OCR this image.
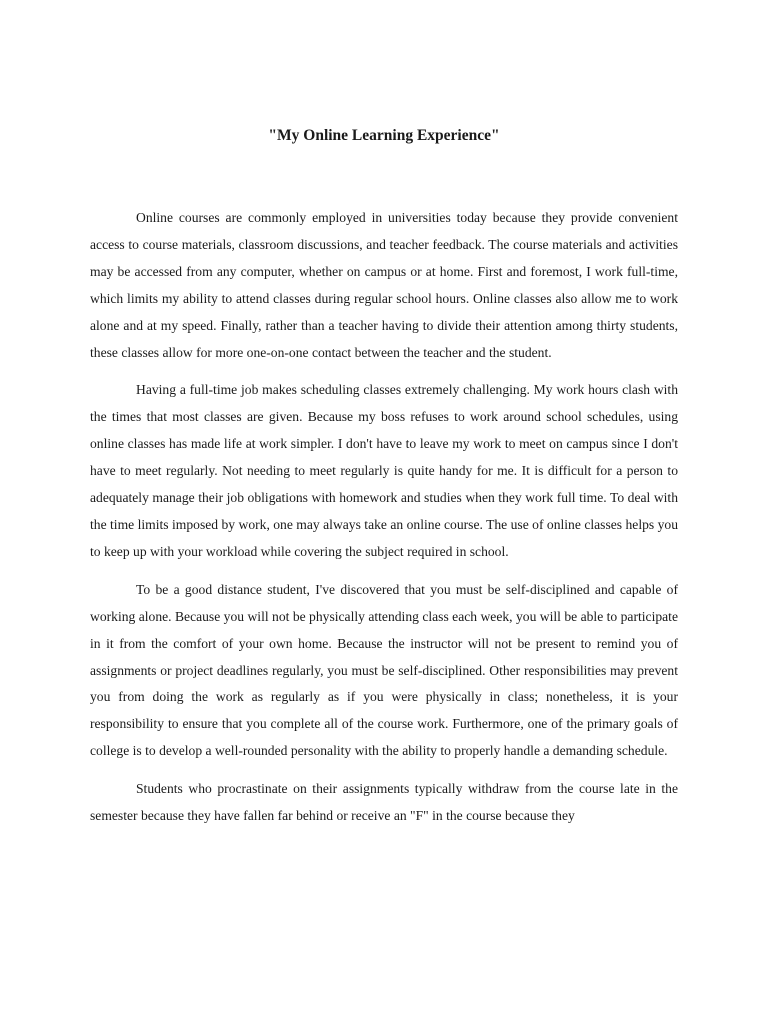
"My Online Learning Experience"

Online courses are commonly employed in universities today because they provide convenient access to course materials, classroom discussions, and teacher feedback. The course materials and activities may be accessed from any computer, whether on campus or at home. First and foremost, I work full-time, which limits my ability to attend classes during regular school hours. Online classes also allow me to work alone and at my speed. Finally, rather than a teacher having to divide their attention among thirty students, these classes allow for more one-on-one contact between the teacher and the student.

Having a full-time job makes scheduling classes extremely challenging. My work hours clash with the times that most classes are given. Because my boss refuses to work around school schedules, using online classes has made life at work simpler. I don't have to leave my work to meet on campus since I don't have to meet regularly. Not needing to meet regularly is quite handy for me. It is difficult for a person to adequately manage their job obligations with homework and studies when they work full time. To deal with the time limits imposed by work, one may always take an online course. The use of online classes helps you to keep up with your workload while covering the subject required in school.

To be a good distance student, I've discovered that you must be self-disciplined and capable of working alone. Because you will not be physically attending class each week, you will be able to participate in it from the comfort of your own home. Because the instructor will not be present to remind you of assignments or project deadlines regularly, you must be self-disciplined. Other responsibilities may prevent you from doing the work as regularly as if you were physically in class; nonetheless, it is your responsibility to ensure that you complete all of the course work. Furthermore, one of the primary goals of college is to develop a well-rounded personality with the ability to properly handle a demanding schedule.

Students who procrastinate on their assignments typically withdraw from the course late in the semester because they have fallen far behind or receive an "F" in the course because they
